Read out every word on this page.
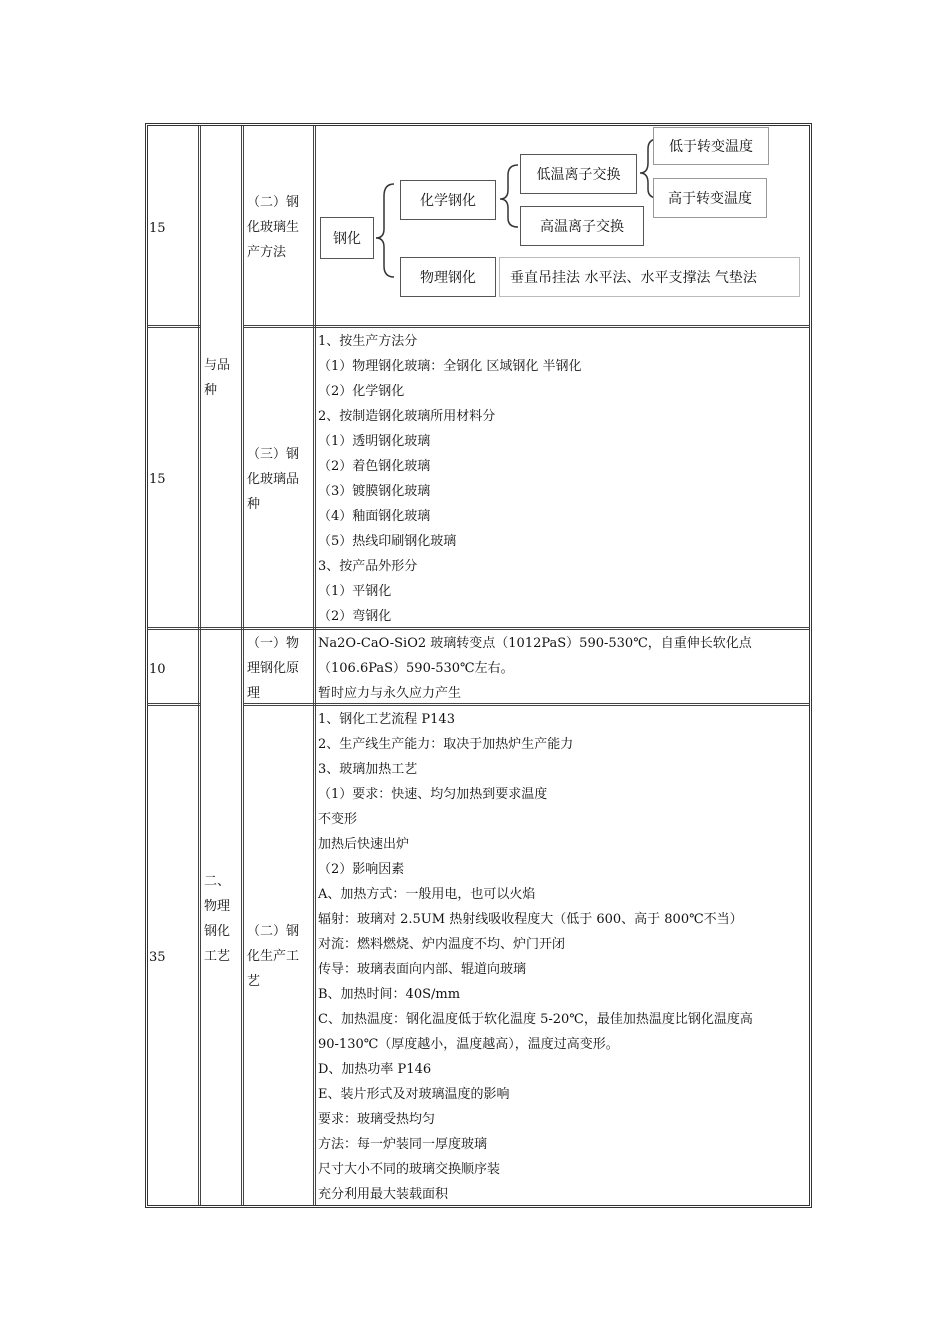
15
15
10
35
与品
种
二、
物理
钢化
工艺
（二）钢
化玻璃生
产方法
（三）钢
化玻璃品
种
（一）物
理钢化原
理
（二）钢
化生产工
艺
钢化
化学钢化
物理钢化
低温离子交换
高温离子交换
低于转变温度
高于转变温度
垂直吊挂法 水平法、水平支撑法 气垫法
1、按生产方法分
（1）物理钢化玻璃：全钢化 区域钢化 半钢化
（2）化学钢化
2、按制造钢化玻璃所用材料分
（1）透明钢化玻璃
（2）着色钢化玻璃
（3）镀膜钢化玻璃
（4）釉面钢化玻璃
（5）热线印刷钢化玻璃
3、按产品外形分
（1）平钢化
（2）弯钢化
Na2O-CaO-SiO2 玻璃转变点（1012PaS）590-530℃，自重伸长软化点
（106.6PaS）590-530℃左右。
暂时应力与永久应力产生
1、钢化工艺流程 P143
2、生产线生产能力：取决于加热炉生产能力
3、玻璃加热工艺
（1）要求：快速、均匀加热到要求温度
不变形
加热后快速出炉
（2）影响因素
A、加热方式：一般用电，也可以火焰
辐射：玻璃对 2.5UM 热射线吸收程度大（低于 600、高于 800℃不当）
对流：燃料燃烧、炉内温度不均、炉门开闭
传导：玻璃表面向内部、辊道向玻璃
B、加热时间：40S/mm
C、加热温度：钢化温度低于软化温度 5-20℃，最佳加热温度比钢化温度高
90-130℃（厚度越小，温度越高），温度过高变形。
D、加热功率 P146
E、装片形式及对玻璃温度的影响
要求：玻璃受热均匀
方法：每一炉装同一厚度玻璃
尺寸大小不同的玻璃交换顺序装
充分利用最大装载面积
